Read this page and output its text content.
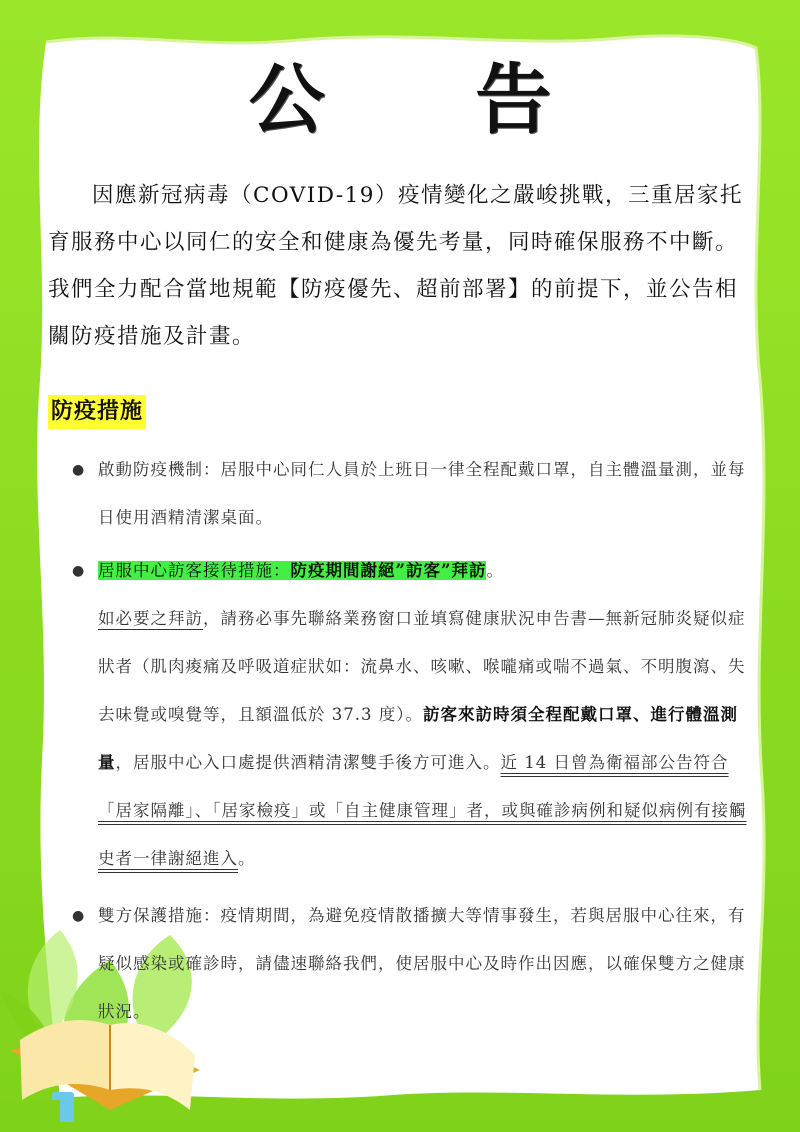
公 告

因應新冠病毒（COVID-19）疫情變化之嚴峻挑戰，三重居家托育服務中心以同仁的安全和健康為優先考量，同時確保服務不中斷。我們全力配合當地規範【防疫優先、超前部署】的前提下，並公告相關防疫措施及計畫。

防疫措施
● 啟動防疫機制：居服中心同仁人員於上班日一律全程配戴口罩，自主體溫量測，並每日使用酒精清潔桌面。
● 居服中心訪客接待措施：防疫期間謝絕”訪客”拜訪。
如必要之拜訪，請務必事先聯絡業務窗口並填寫健康狀況申告書—無新冠肺炎疑似症狀者（肌肉痠痛及呼吸道症狀如：流鼻水、咳嗽、喉嚨痛或喘不過氣、不明腹瀉、失去味覺或嗅覺等，且額溫低於 37.3 度）。訪客來訪時須全程配戴口罩、進行體溫測量，居服中心入口處提供酒精清潔雙手後方可進入。近 14 日曾為衛福部公告符合「居家隔離」、「居家檢疫」或「自主健康管理」者，或與確診病例和疑似病例有接觸史者一律謝絕進入。
● 雙方保護措施：疫情期間，為避免疫情散播擴大等情事發生，若與居服中心往來，有疑似感染或確診時，請儘速聯絡我們，使居服中心及時作出因應，以確保雙方之健康狀況。
